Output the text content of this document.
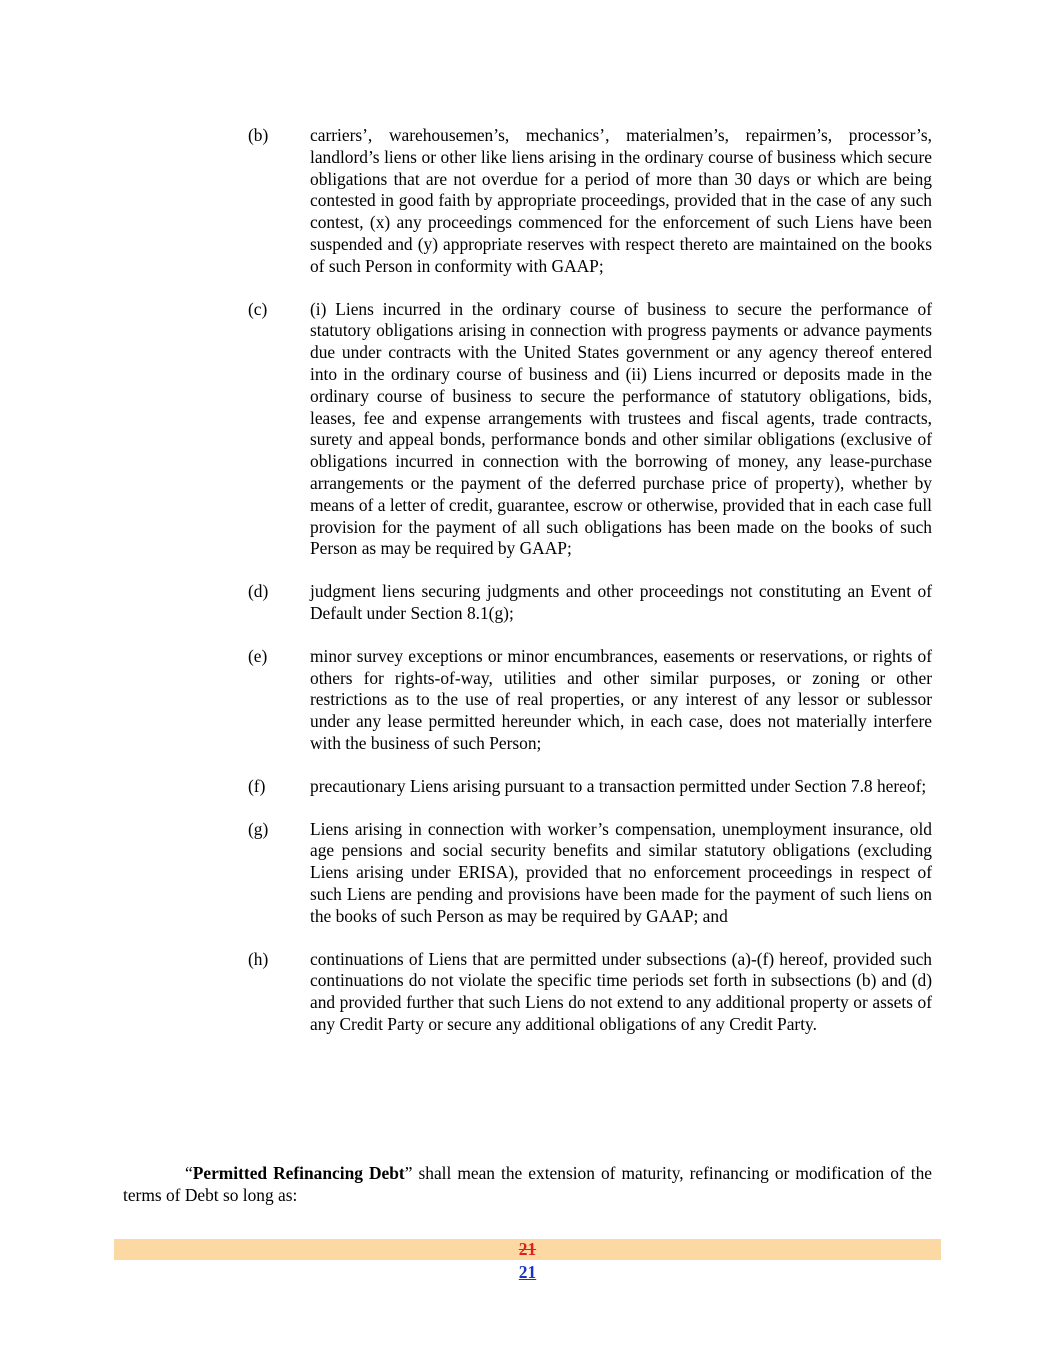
(b) carriers’, warehousemen’s, mechanics’, materialmen’s, repairmen’s, processor’s, landlord’s liens or other like liens arising in the ordinary course of business which secure obligations that are not overdue for a period of more than 30 days or which are being contested in good faith by appropriate proceedings, provided that in the case of any such contest, (x) any proceedings commenced for the enforcement of such Liens have been suspended and (y) appropriate reserves with respect thereto are maintained on the books of such Person in conformity with GAAP;
(c) (i) Liens incurred in the ordinary course of business to secure the performance of statutory obligations arising in connection with progress payments or advance payments due under contracts with the United States government or any agency thereof entered into in the ordinary course of business and (ii) Liens incurred or deposits made in the ordinary course of business to secure the performance of statutory obligations, bids, leases, fee and expense arrangements with trustees and fiscal agents, trade contracts, surety and appeal bonds, performance bonds and other similar obligations (exclusive of obligations incurred in connection with the borrowing of money, any lease-purchase arrangements or the payment of the deferred purchase price of property), whether by means of a letter of credit, guarantee, escrow or otherwise, provided that in each case full provision for the payment of all such obligations has been made on the books of such Person as may be required by GAAP;
(d) judgment liens securing judgments and other proceedings not constituting an Event of Default under Section 8.1(g);
(e) minor survey exceptions or minor encumbrances, easements or reservations, or rights of others for rights-of-way, utilities and other similar purposes, or zoning or other restrictions as to the use of real properties, or any interest of any lessor or sublessor under any lease permitted hereunder which, in each case, does not materially interfere with the business of such Person;
(f)	precautionary Liens arising pursuant to a transaction permitted under Section 7.8 hereof;
(g) Liens arising in connection with worker’s compensation, unemployment insurance, old age pensions and social security benefits and similar statutory obligations (excluding Liens arising under ERISA), provided that no enforcement proceedings in respect of such Liens are pending and provisions have been made for the payment of such liens on the books of such Person as may be required by GAAP; and
(h) continuations of Liens that are permitted under subsections (a)-(f) hereof, provided such continuations do not violate the specific time periods set forth in subsections (b) and (d) and provided further that such Liens do not extend to any additional property or assets of any Credit Party or secure any additional obligations of any Credit Party.
“Permitted Refinancing Debt” shall mean the extension of maturity, refinancing or modification of the terms of Debt so long as:
21
21
